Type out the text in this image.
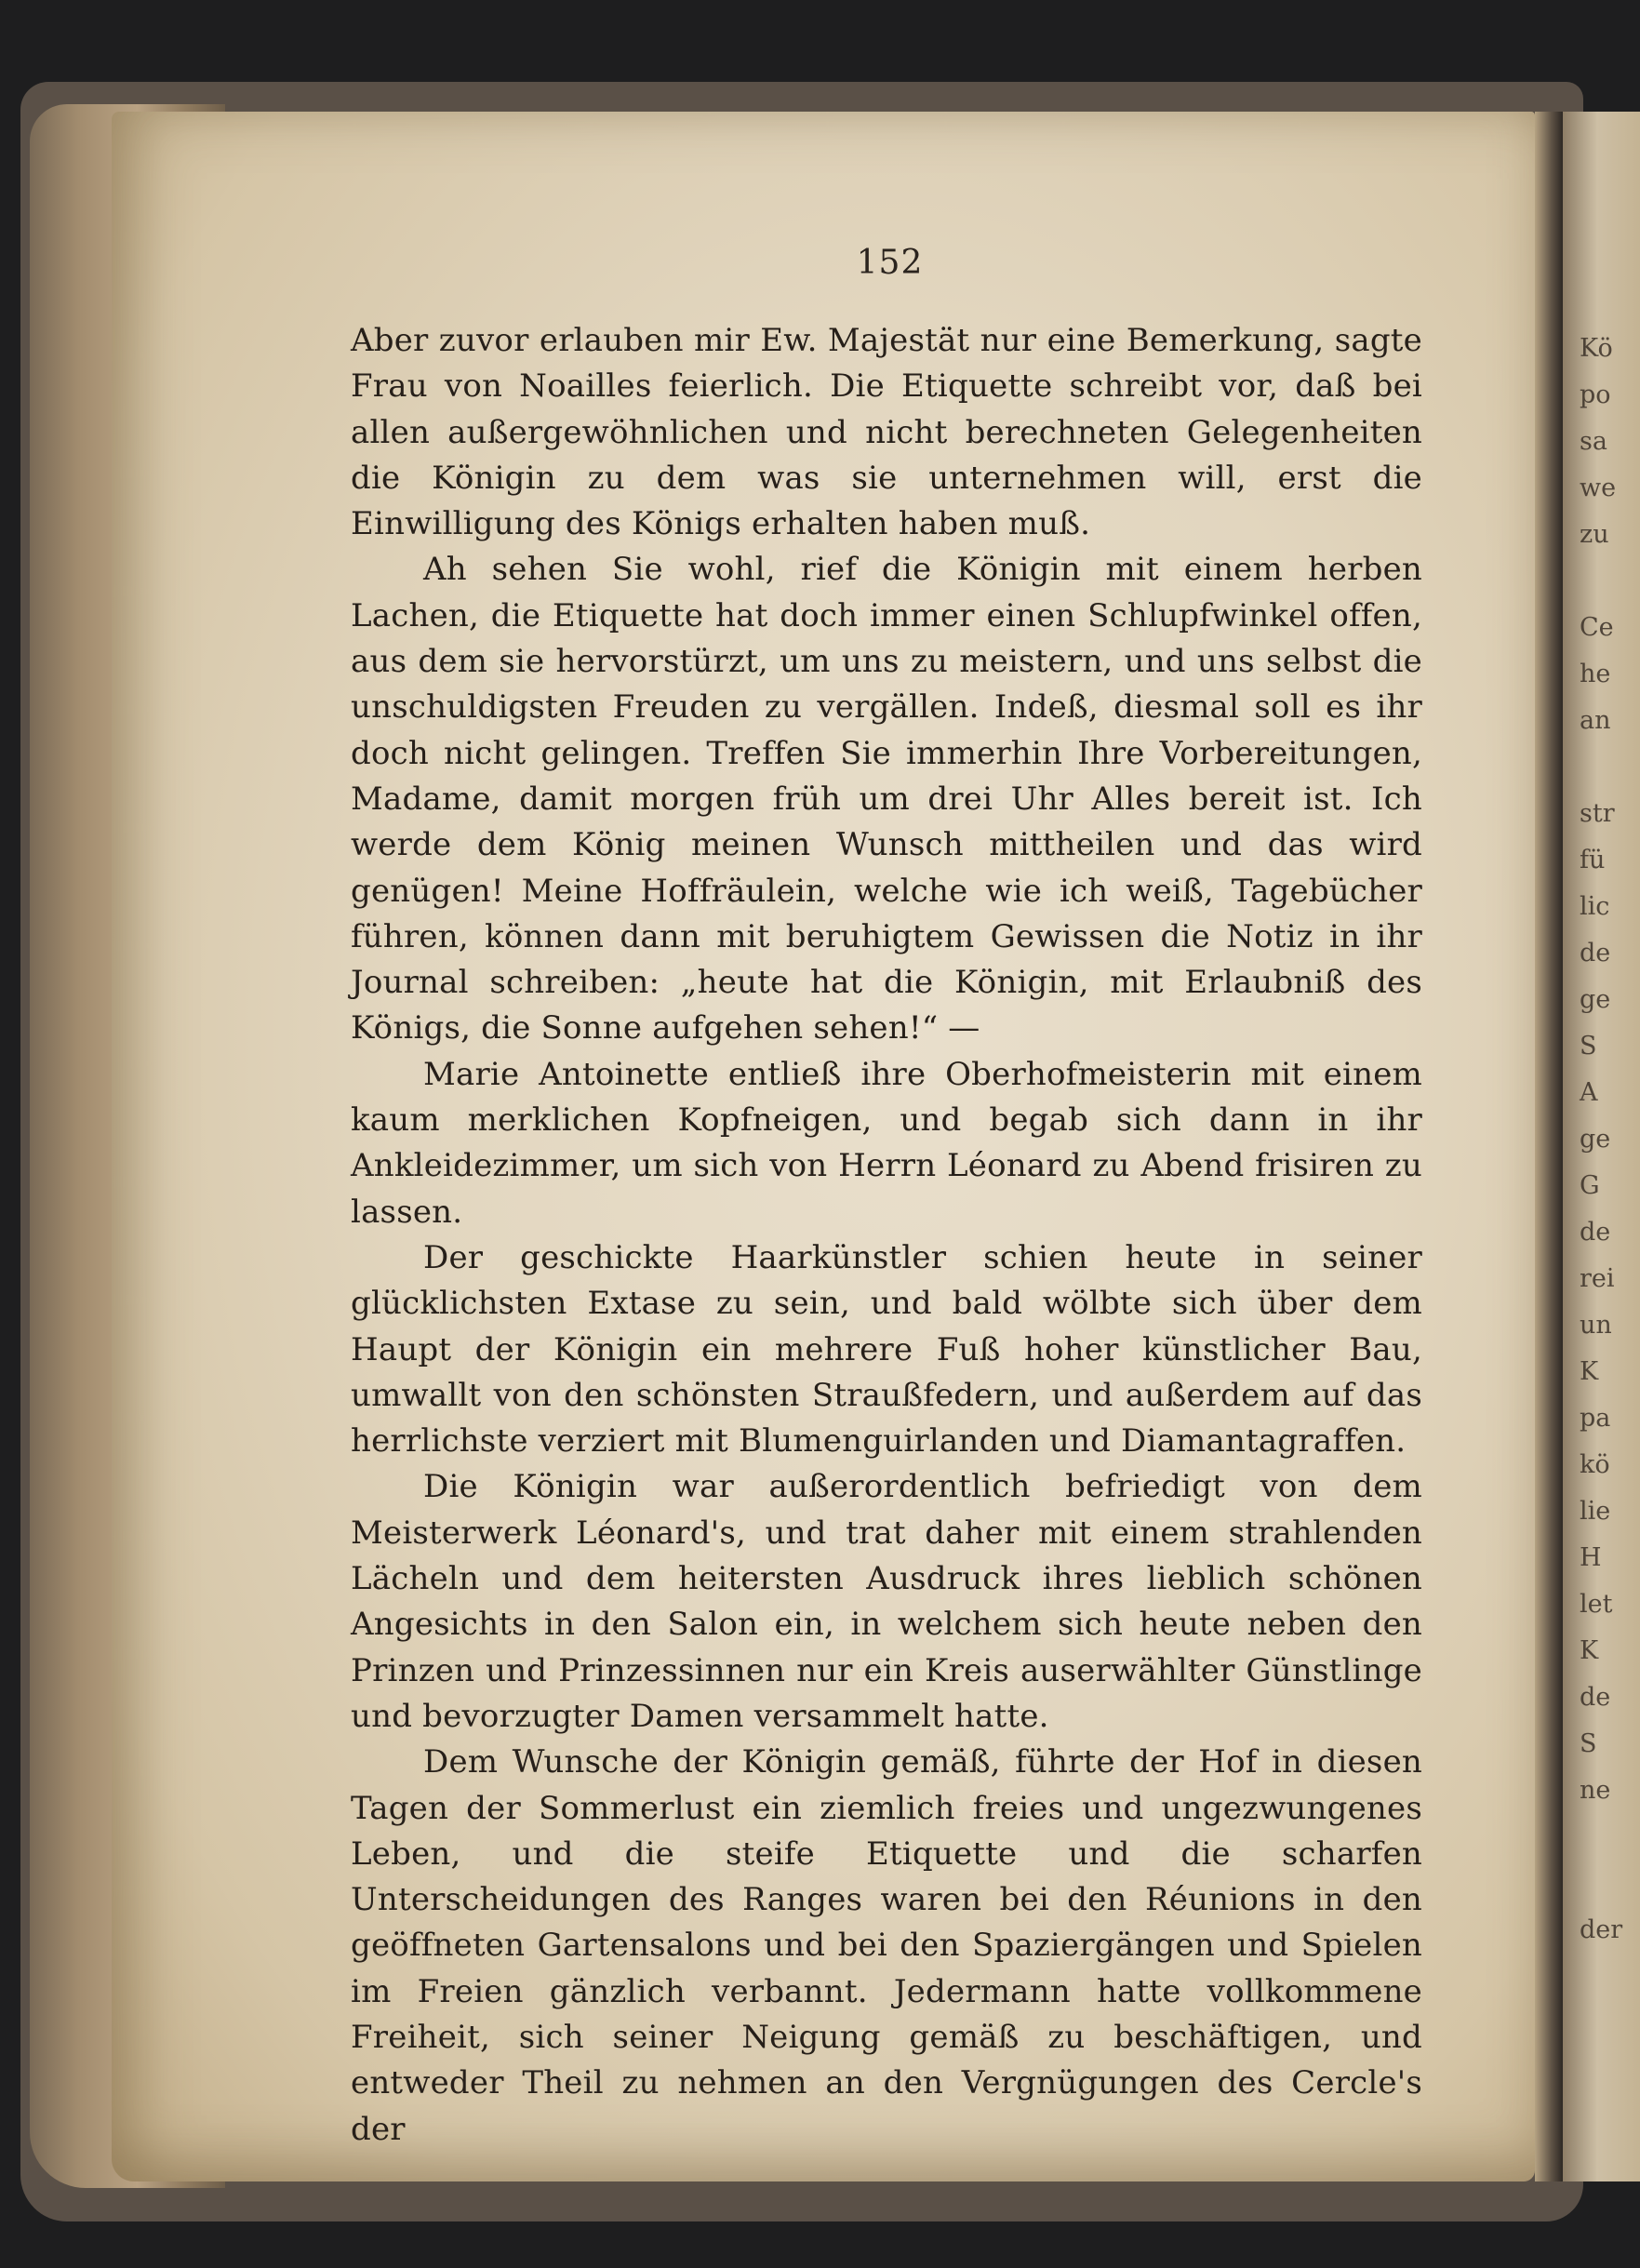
Kö
po
sa
we
zu

Ce
he
an

str
fü
lic
de
ge
S
A
ge
G
de
rei
un
K
pa
kö
lie
H
let
K
de
S
ne

der
152

Aber zuvor erlauben mir Ew. Majestät nur eine Bemerkung, sagte Frau von Noailles feierlich. Die Etiquette schreibt vor, daß bei allen außergewöhnlichen und nicht berechneten Gelegenheiten die Königin zu dem was sie unternehmen will, erst die Einwilligung des Königs erhalten haben muß.

Ah sehen Sie wohl, rief die Königin mit einem herben Lachen, die Etiquette hat doch immer einen Schlupfwinkel offen, aus dem sie hervorstürzt, um uns zu meistern, und uns selbst die unschuldigsten Freuden zu vergällen. Indeß, diesmal soll es ihr doch nicht gelingen. Treffen Sie immerhin Ihre Vorbereitungen, Madame, damit morgen früh um drei Uhr Alles bereit ist. Ich werde dem König meinen Wunsch mittheilen und das wird genügen! Meine Hoffräulein, welche wie ich weiß, Tagebücher führen, können dann mit beruhigtem Gewissen die Notiz in ihr Journal schreiben: „heute hat die Königin, mit Erlaubniß des Königs, die Sonne aufgehen sehen!“ —

Marie Antoinette entließ ihre Oberhofmeisterin mit einem kaum merklichen Kopfneigen, und begab sich dann in ihr Ankleidezimmer, um sich von Herrn Léonard zu Abend frisiren zu lassen.

Der geschickte Haarkünstler schien heute in seiner glücklichsten Extase zu sein, und bald wölbte sich über dem Haupt der Königin ein mehrere Fuß hoher künstlicher Bau, umwallt von den schönsten Straußfedern, und außerdem auf das herrlichste verziert mit Blumenguirlanden und Diamantagraffen.

Die Königin war außerordentlich befriedigt von dem Meisterwerk Léonard's, und trat daher mit einem strahlenden Lächeln und dem heitersten Ausdruck ihres lieblich schönen Angesichts in den Salon ein, in welchem sich heute neben den Prinzen und Prinzessinnen nur ein Kreis auserwählter Günstlinge und bevorzugter Damen versammelt hatte.

Dem Wunsche der Königin gemäß, führte der Hof in diesen Tagen der Sommerlust ein ziemlich freies und ungezwungenes Leben, und die steife Etiquette und die scharfen Unterscheidungen des Ranges waren bei den Réunions in den geöffneten Gartensalons und bei den Spaziergängen und Spielen im Freien gänzlich verbannt. Jedermann hatte vollkommene Freiheit, sich seiner Neigung gemäß zu beschäftigen, und entweder Theil zu nehmen an den Vergnügungen des Cercle's der
